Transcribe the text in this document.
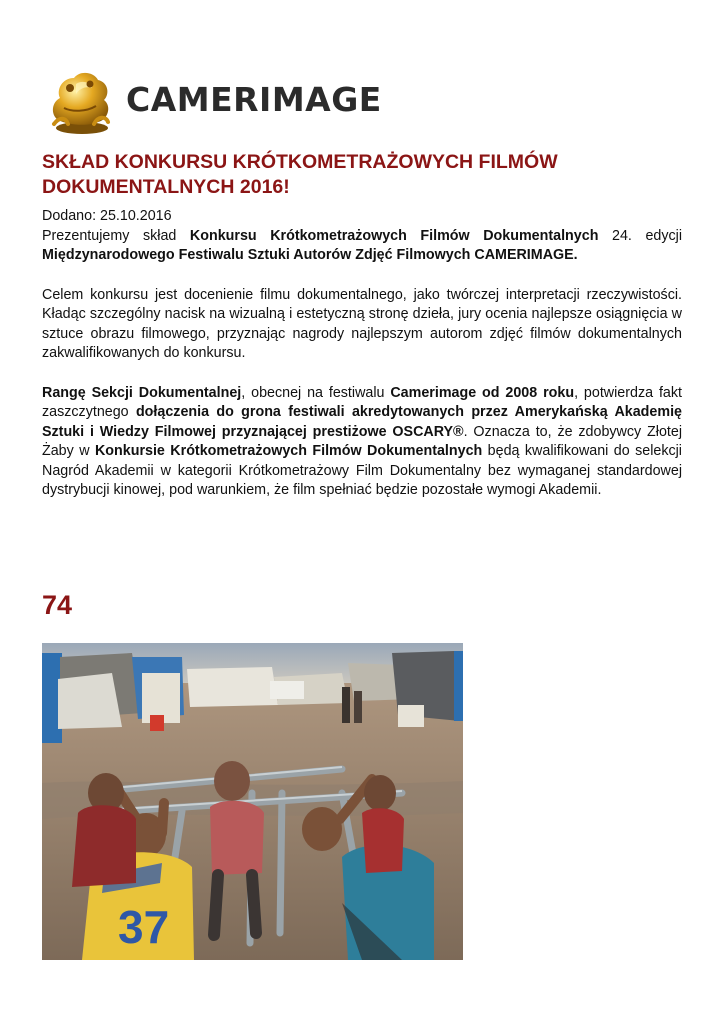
CAMERIMAGE
SKŁAD KONKURSU KRÓTKOMETRAŻOWYCH FILMÓW DOKUMENTALNYCH 2016!

Dodano: 25.10.2016

Prezentujemy skład Konkursu Krótkometrażowych Filmów Dokumentalnych 24. edycji Międzynarodowego Festiwalu Sztuki Autorów Zdjęć Filmowych CAMERIMAGE.

Celem konkursu jest docenienie filmu dokumentalnego, jako twórczej interpretacji rzeczywistości. Kładąc szczególny nacisk na wizualną i estetyczną stronę dzieła, jury ocenia najlepsze osiągnięcia w sztuce obrazu filmowego, przyznając nagrody najlepszym autorom zdjęć filmów dokumentalnych zakwalifikowanych do konkursu.

Rangę Sekcji Dokumentalnej, obecnej na festiwalu Camerimage od 2008 roku, potwierdza fakt zaszczytnego dołączenia do grona festiwali akredytowanych przez Amerykańską Akademię Sztuki i Wiedzy Filmowej przyznającej prestiżowe OSCARY®. Oznacza to, że zdobywcy Złotej Żaby w Konkursie Krótkometrażowych Filmów Dokumentalnych będą kwalifikowani do selekcji Nagród Akademii w kategorii Krótkometrażowy Film Dokumentalny bez wymaganej standardowej dystrybucji kinowej, pod warunkiem, że film spełniać będzie pozostałe wymogi Akademii.

74
37
